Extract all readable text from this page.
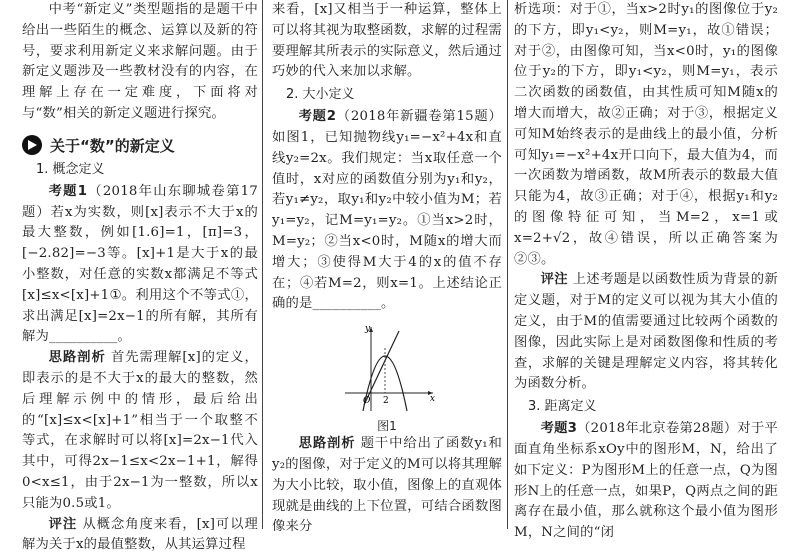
中考“新定义”类型题指的是题干中给出一些陌生的概念、运算以及新的符号，要求利用新定义来求解问题。由于新定义题涉及一些教材没有的内容，在理解上存在一定难度，下面将对与“数”相关的新定义题进行探究。

关于“数”的新定义
1. 概念定义

考题1（2018年山东聊城卷第17题）若x为实数，则[x]表示不大于x的最大整数，例如[1.6]=1，[π]=3，[−2.82]=−3等。[x]+1是大于x的最小整数，对任意的实数x都满足不等式[x]≤x<[x]+1①。利用这个不等式①，求出满足[x]=2x−1的所有解，其所有解为__________。

思路剖析 首先需理解[x]的定义，即表示的是不大于x的最大的整数，然后理解示例中的情形，最后给出的“[x]≤x<[x]+1”相当于一个取整不等式，在求解时可以将[x]=2x−1代入其中，可得2x−1≤x<2x−1+1，解得0<x≤1，由于2x−1为一整数，所以x只能为0.5或1。

评注 从概念角度来看，[x]可以理解为关于x的最值整数，从其运算过程

来看，[x]又相当于一种运算，整体上可以将其视为取整函数，求解的过程需要理解其所表示的实际意义，然后通过巧妙的代入来加以求解。

2. 大小定义

考题2（2018年新疆卷第15题）如图1，已知抛物线y₁=−x²+4x和直线y₂=2x。我们规定：当x取任意一个值时，x对应的函数值分别为y₁和y₂，若y₁≠y₂，取y₁和y₂中较小值为M；若y₁=y₂，记M=y₁=y₂。①当x>2时，M=y₂；②当x<0时，M随x的增大而增大；③使得M大于4的x的值不存在；④若M=2，则x=1。上述结论正确的是__________。

x
y
O 2
图1

思路剖析 题干中给出了函数y₁和y₂的图像，对于定义的M可以将其理解为大小比较，取小值，图像上的直观体现就是曲线的上下位置，可结合函数图像来分

析选项：对于①，当x>2时y₁的图像位于y₂的下方，即y₁<y₂，则M=y₁，故①错误；对于②，由图像可知，当x<0时，y₁的图像位于y₂的下方，即y₁<y₂，则M=y₁，表示二次函数的函数值，由其性质可知M随x的增大而增大，故②正确；对于③，根据定义可知M始终表示的是曲线上的最小值，分析可知y₁=−x²+4x开口向下，最大值为4，而一次函数为增函数，故M所表示的数最大值只能为4，故③正确；对于④，根据y₁和y₂的图像特征可知，当M=2，x=1或x=2+√2，故④错误，所以正确答案为②③。

评注 上述考题是以函数性质为背景的新定义题，对于M的定义可以视为其大小值的定义，由于M的值需要通过比较两个函数的图像，因此实际上是对函数图像和性质的考查，求解的关键是理解定义内容，将其转化为函数分析。

3. 距离定义

考题3（2018年北京卷第28题）对于平面直角坐标系xOy中的图形M，N，给出了如下定义：P为图形M上的任意一点，Q为图形N上的任意一点，如果P，Q两点之间的距离存在最小值，那么就称这个最小值为图形M，N之间的“闭
